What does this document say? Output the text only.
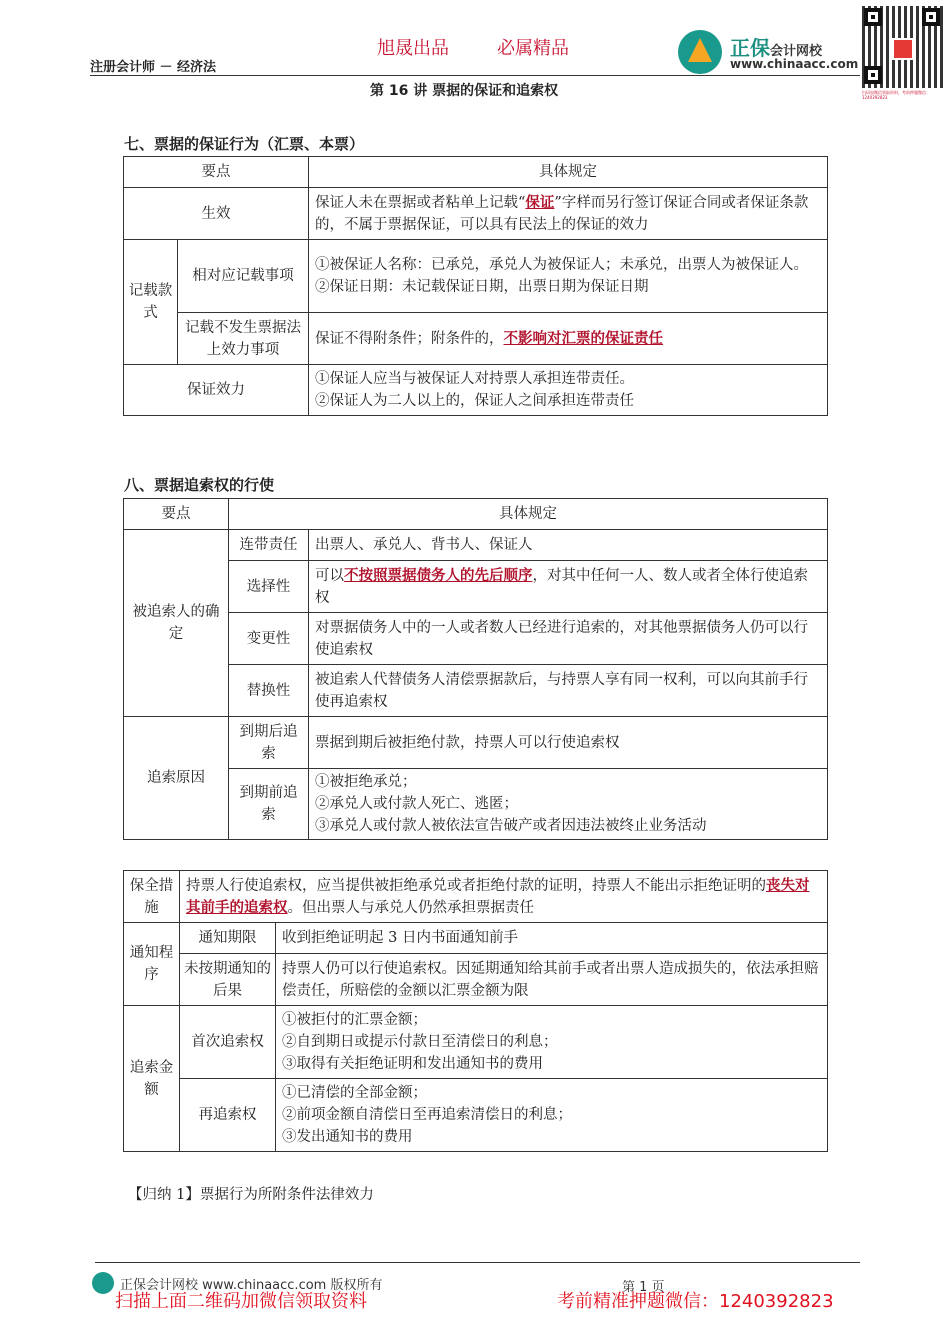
旭晟出品	必属精品
注册会计师 － 经济法
正保会计网校
www.chinaacc.com
扫码加微信领取资料，考前押题微信：1240392823
第 16 讲 票据的保证和追索权
七、票据的保证行为（汇票、本票）
要点		具体规定
生效		保证人未在票据或者粘单上记载“保证”字样而另行签订保证合同或者保证条款的，不属于票据保证，可以具有民法上的保证的效力
记载款式	相对应记载事项	①被保证人名称：已承兑，承兑人为被保证人；未承兑，出票人为被保证人。
②保证日期：未记载保证日期，出票日期为保证日期

	记载不发生票据法上效力事项	保证不得附条件；附条件的，不影响对汇票的保证责任
保证效力		①保证人应当与被保证人对持票人承担连带责任。
②保证人为二人以上的，保证人之间承担连带责任
八、票据追索权的行使
要点	具体规定	
被追索人的确定	连带责任	出票人、承兑人、背书人、保证人
	选择性	可以不按照票据债务人的先后顺序，对其中任何一人、数人或者全体行使追索权
	变更性	对票据债务人中的一人或者数人已经进行追索的，对其他票据债务人仍可以行使追索权
	替换性	被追索人代替债务人清偿票据款后，与持票人享有同一权利，可以向其前手行使再追索权
追索原因	到期后追索	票据到期后被拒绝付款，持票人可以行使追索权
	到期前追索	①被拒绝承兑；
②承兑人或付款人死亡、逃匿；
③承兑人或付款人被依法宣告破产或者因违法被终止业务活动
保全措施	持票人行使追索权，应当提供被拒绝承兑或者拒绝付款的证明，持票人不能出示拒绝证明的丧失对其前手的追索权。但出票人与承兑人仍然承担票据责任	
通知程序	通知期限	收到拒绝证明起 3 日内书面通知前手
	未按期通知的后果	持票人仍可以行使追索权。因延期通知给其前手或者出票人造成损失的，依法承担赔偿责任，所赔偿的金额以汇票金额为限
追索金额	首次追索权	①被拒付的汇票金额；
②自到期日或提示付款日至清偿日的利息；
③取得有关拒绝证明和发出通知书的费用

	再追索权	①已清偿的全部金额；
②前项金额自清偿日至再追索清偿日的利息；
③发出通知书的费用
【归纳 1】票据行为所附条件法律效力
正保会计网校 www.chinaacc.com 版权所有	第 1 页
扫描上面二维码加微信领取资料	考前精准押题微信：1240392823
